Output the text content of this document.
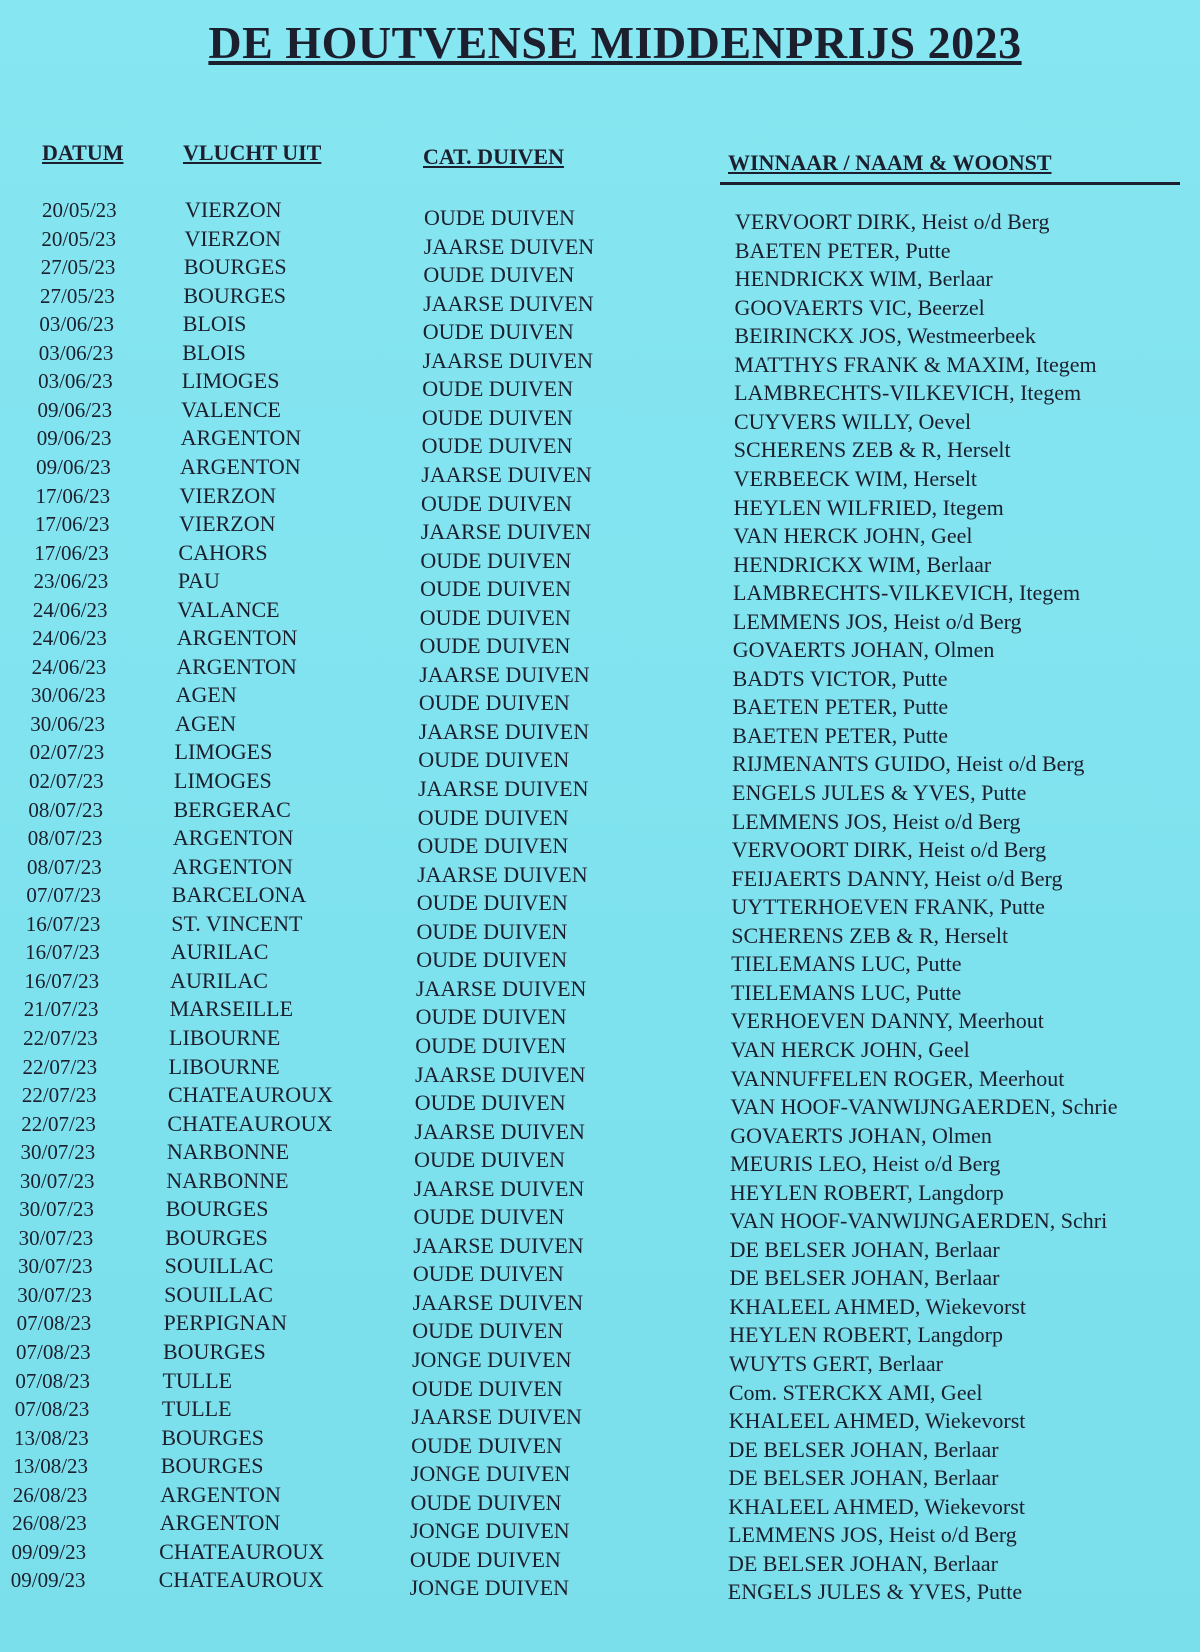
DE HOUTVENSE MIDDENPRIJS 2023
DATUM	VLUCHT UIT	CAT. DUIVEN	WINNAAR / NAAM & WOONST
20/05/23	VIERZON	OUDE DUIVEN	VERVOORT DIRK, Heist o/d Berg
20/05/23	VIERZON	JAARSE DUIVEN	BAETEN PETER, Putte
27/05/23	BOURGES	OUDE DUIVEN	HENDRICKX WIM, Berlaar
27/05/23	BOURGES	JAARSE DUIVEN	GOOVAERTS VIC, Beerzel
03/06/23	BLOIS	OUDE DUIVEN	BEIRINCKX JOS, Westmeerbeek
03/06/23	BLOIS	JAARSE DUIVEN	MATTHYS FRANK & MAXIM, Itegem
03/06/23	LIMOGES	OUDE DUIVEN	LAMBRECHTS-VILKEVICH, Itegem
09/06/23	VALENCE	OUDE DUIVEN	CUYVERS WILLY, Oevel
09/06/23	ARGENTON	OUDE DUIVEN	SCHERENS ZEB & R, Herselt
09/06/23	ARGENTON	JAARSE DUIVEN	VERBEECK WIM, Herselt
17/06/23	VIERZON	OUDE DUIVEN	HEYLEN WILFRIED, Itegem
17/06/23	VIERZON	JAARSE DUIVEN	VAN HERCK JOHN, Geel
17/06/23	CAHORS	OUDE DUIVEN	HENDRICKX WIM, Berlaar
23/06/23	PAU	OUDE DUIVEN	LAMBRECHTS-VILKEVICH, Itegem
24/06/23	VALANCE	OUDE DUIVEN	LEMMENS JOS, Heist o/d Berg
24/06/23	ARGENTON	OUDE DUIVEN	GOVAERTS JOHAN, Olmen
24/06/23	ARGENTON	JAARSE DUIVEN	BADTS VICTOR, Putte
30/06/23	AGEN	OUDE DUIVEN	BAETEN PETER, Putte
30/06/23	AGEN	JAARSE DUIVEN	BAETEN PETER, Putte
02/07/23	LIMOGES	OUDE DUIVEN	RIJMENANTS GUIDO, Heist o/d Berg
02/07/23	LIMOGES	JAARSE DUIVEN	ENGELS JULES & YVES, Putte
08/07/23	BERGERAC	OUDE DUIVEN	LEMMENS JOS, Heist o/d Berg
08/07/23	ARGENTON	OUDE DUIVEN	VERVOORT DIRK, Heist o/d Berg
08/07/23	ARGENTON	JAARSE DUIVEN	FEIJAERTS DANNY, Heist o/d Berg
07/07/23	BARCELONA	OUDE DUIVEN	UYTTERHOEVEN FRANK, Putte
16/07/23	ST. VINCENT	OUDE DUIVEN	SCHERENS ZEB & R, Herselt
16/07/23	AURILAC	OUDE DUIVEN	TIELEMANS LUC, Putte
16/07/23	AURILAC	JAARSE DUIVEN	TIELEMANS LUC, Putte
21/07/23	MARSEILLE	OUDE DUIVEN	VERHOEVEN DANNY, Meerhout
22/07/23	LIBOURNE	OUDE DUIVEN	VAN HERCK JOHN, Geel
22/07/23	LIBOURNE	JAARSE DUIVEN	VANNUFFELEN ROGER, Meerhout
22/07/23	CHATEAUROUX	OUDE DUIVEN	VAN HOOF-VANWIJNGAERDEN, Schrie
22/07/23	CHATEAUROUX	JAARSE DUIVEN	GOVAERTS JOHAN, Olmen
30/07/23	NARBONNE	OUDE DUIVEN	MEURIS LEO, Heist o/d Berg
30/07/23	NARBONNE	JAARSE DUIVEN	HEYLEN ROBERT, Langdorp
30/07/23	BOURGES	OUDE DUIVEN	VAN HOOF-VANWIJNGAERDEN, Schri
30/07/23	BOURGES	JAARSE DUIVEN	DE BELSER JOHAN, Berlaar
30/07/23	SOUILLAC	OUDE DUIVEN	DE BELSER JOHAN, Berlaar
30/07/23	SOUILLAC	JAARSE DUIVEN	KHALEEL AHMED, Wiekevorst
07/08/23	PERPIGNAN	OUDE DUIVEN	HEYLEN ROBERT, Langdorp
07/08/23	BOURGES	JONGE DUIVEN	WUYTS GERT, Berlaar
07/08/23	TULLE	OUDE DUIVEN	Com. STERCKX AMI, Geel
07/08/23	TULLE	JAARSE DUIVEN	KHALEEL AHMED, Wiekevorst
13/08/23	BOURGES	OUDE DUIVEN	DE BELSER JOHAN, Berlaar
13/08/23	BOURGES	JONGE DUIVEN	DE BELSER JOHAN, Berlaar
26/08/23	ARGENTON	OUDE DUIVEN	KHALEEL AHMED, Wiekevorst
26/08/23	ARGENTON	JONGE DUIVEN	LEMMENS JOS, Heist o/d Berg
09/09/23	CHATEAUROUX	OUDE DUIVEN	DE BELSER JOHAN, Berlaar
09/09/23	CHATEAUROUX	JONGE DUIVEN	ENGELS JULES & YVES, Putte
